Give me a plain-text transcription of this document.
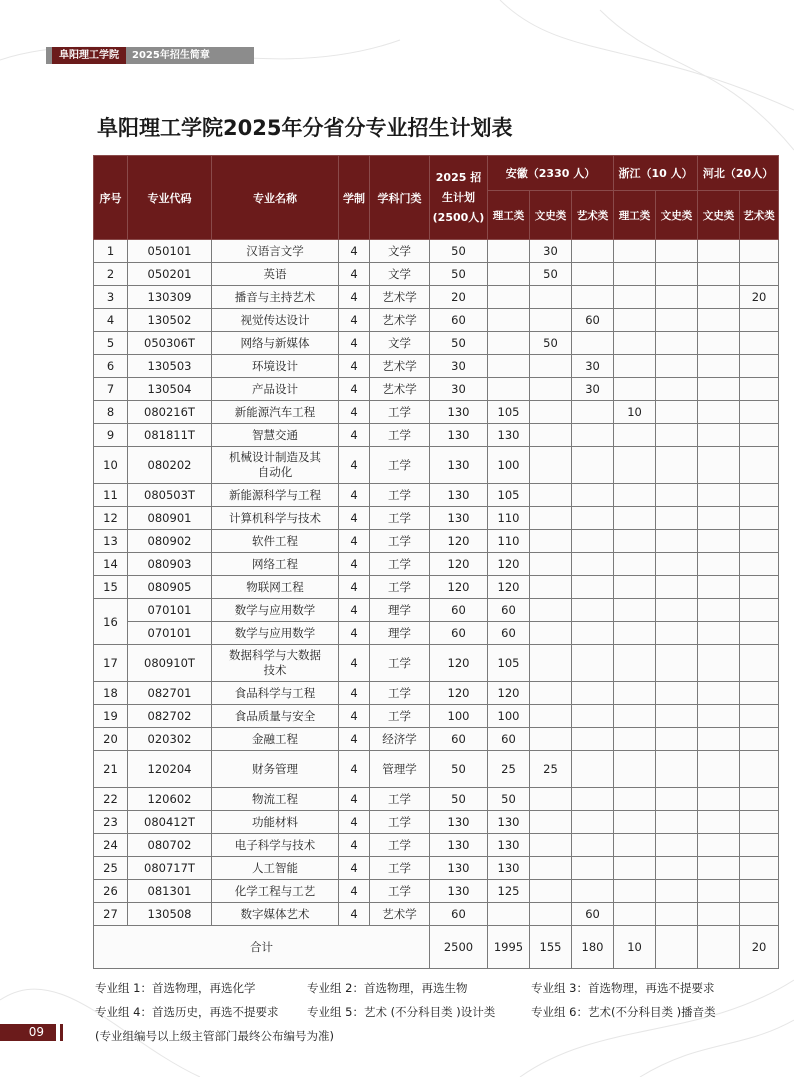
阜阳理工学院	2025年招生简章
阜阳理工学院2025年分省分专业招生计划表
序号	专业代码	专业名称	学制	学科门类	2025 招
生计划
(2500人)	安徽（2330 人）			浙江（10 人）		河北（20人）	
						理工类	文史类	艺术类	理工类	文史类	文史类	艺术类
1	050101	汉语言文学	4	文学	50		30					
2	050201	英语	4	文学	50		50					
3	130309	播音与主持艺术	4	艺术学	20							20
4	130502	视觉传达设计	4	艺术学	60			60				
5	050306T	网络与新媒体	4	文学	50		50					
6	130503	环境设计	4	艺术学	30			30				
7	130504	产品设计	4	艺术学	30			30				
8	080216T	新能源汽车工程	4	工学	130	105			10			
9	081811T	智慧交通	4	工学	130	130						
10	080202	机械设计制造及其
自动化	4	工学	130	100						
11	080503T	新能源科学与工程	4	工学	130	105						
12	080901	计算机科学与技术	4	工学	130	110						
13	080902	软件工程	4	工学	120	110						
14	080903	网络工程	4	工学	120	120						
15	080905	物联网工程	4	工学	120	120						
16	070101	数学与应用数学	4	理学	60	60						
	070101	数学与应用数学	4	理学	60	60						
17	080910T	数据科学与大数据
技术	4	工学	120	105						
18	082701	食品科学与工程	4	工学	120	120						
19	082702	食品质量与安全	4	工学	100	100						
20	020302	金融工程	4	经济学	60	60						
21	120204	财务管理	4	管理学	50	25	25					
22	120602	物流工程	4	工学	50	50						
23	080412T	功能材料	4	工学	130	130						
24	080702	电子科学与技术	4	工学	130	130						
25	080717T	人工智能	4	工学	130	130						
26	081301	化学工程与工艺	4	工学	130	125						
27	130508	数字媒体艺术	4	艺术学	60			60				
合计					2500	1995	155	180	10			20
专业组 1：首选物理，再选化学	专业组 2：首选物理，再选生物	专业组 3：首选物理，再选不提要求
专业组 4：首选历史，再选不提要求 专业组 5：艺术 (不分科目类 )设计类	专业组 6：艺术(不分科目类 )播音类
(专业组编号以上级主管部门最终公布编号为准)
09
